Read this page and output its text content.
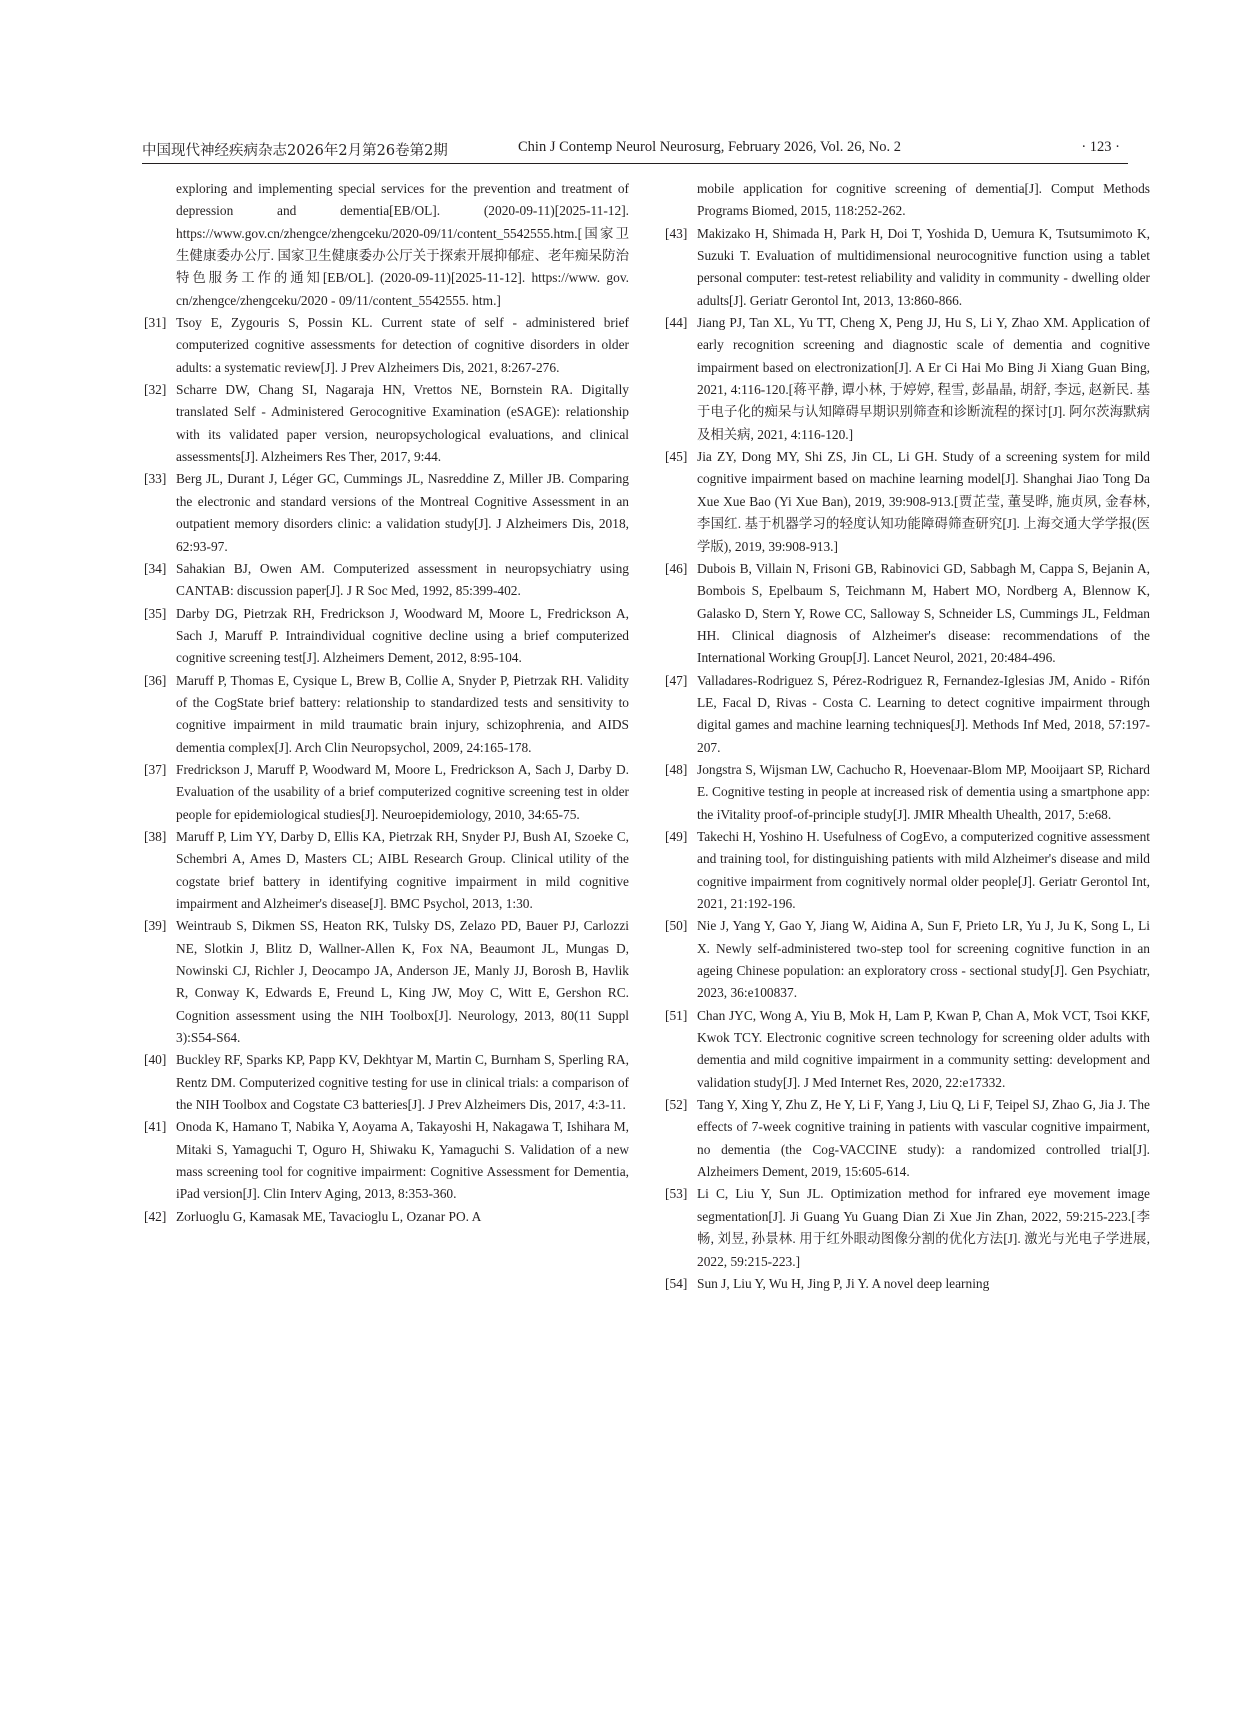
中国现代神经疾病杂志2026年2月第26卷第2期	Chin J Contemp Neurol Neurosurg, February 2026, Vol. 26, No. 2	· 123 ·
exploring and implementing special services for the prevention and treatment of depression and dementia[EB/OL]. (2020-09-11)[2025-11-12]. https://www.gov.cn/zhengce/zhengceku/2020-09/11/content_5542555.htm.[国家卫生健康委办公厅. 国家卫生健康委办公厅关于探索开展抑郁症、老年痴呆防治特色服务工作的通知[EB/OL]. (2020-09-11)[2025-11-12]. https://www. gov. cn/zhengce/zhengceku/2020 - 09/11/content_5542555. htm.]
[31] Tsoy E, Zygouris S, Possin KL. Current state of self - administered brief computerized cognitive assessments for detection of cognitive disorders in older adults: a systematic review[J]. J Prev Alzheimers Dis, 2021, 8:267-276.
[32] Scharre DW, Chang SI, Nagaraja HN, Vrettos NE, Bornstein RA. Digitally translated Self - Administered Gerocognitive Examination (eSAGE): relationship with its validated paper version, neuropsychological evaluations, and clinical assessments[J]. Alzheimers Res Ther, 2017, 9:44.
[33] Berg JL, Durant J, Léger GC, Cummings JL, Nasreddine Z, Miller JB. Comparing the electronic and standard versions of the Montreal Cognitive Assessment in an outpatient memory disorders clinic: a validation study[J]. J Alzheimers Dis, 2018, 62:93-97.
[34] Sahakian BJ, Owen AM. Computerized assessment in neuropsychiatry using CANTAB: discussion paper[J]. J R Soc Med, 1992, 85:399-402.
[35] Darby DG, Pietrzak RH, Fredrickson J, Woodward M, Moore L, Fredrickson A, Sach J, Maruff P. Intraindividual cognitive decline using a brief computerized cognitive screening test[J]. Alzheimers Dement, 2012, 8:95-104.
[36] Maruff P, Thomas E, Cysique L, Brew B, Collie A, Snyder P, Pietrzak RH. Validity of the CogState brief battery: relationship to standardized tests and sensitivity to cognitive impairment in mild traumatic brain injury, schizophrenia, and AIDS dementia complex[J]. Arch Clin Neuropsychol, 2009, 24:165-178.
[37] Fredrickson J, Maruff P, Woodward M, Moore L, Fredrickson A, Sach J, Darby D. Evaluation of the usability of a brief computerized cognitive screening test in older people for epidemiological studies[J]. Neuroepidemiology, 2010, 34:65-75.
[38] Maruff P, Lim YY, Darby D, Ellis KA, Pietrzak RH, Snyder PJ, Bush AI, Szoeke C, Schembri A, Ames D, Masters CL; AIBL Research Group. Clinical utility of the cogstate brief battery in identifying cognitive impairment in mild cognitive impairment and Alzheimer's disease[J]. BMC Psychol, 2013, 1:30.
[39] Weintraub S, Dikmen SS, Heaton RK, Tulsky DS, Zelazo PD, Bauer PJ, Carlozzi NE, Slotkin J, Blitz D, Wallner-Allen K, Fox NA, Beaumont JL, Mungas D, Nowinski CJ, Richler J, Deocampo JA, Anderson JE, Manly JJ, Borosh B, Havlik R, Conway K, Edwards E, Freund L, King JW, Moy C, Witt E, Gershon RC. Cognition assessment using the NIH Toolbox[J]. Neurology, 2013, 80(11 Suppl 3):S54-S64.
[40] Buckley RF, Sparks KP, Papp KV, Dekhtyar M, Martin C, Burnham S, Sperling RA, Rentz DM. Computerized cognitive testing for use in clinical trials: a comparison of the NIH Toolbox and Cogstate C3 batteries[J]. J Prev Alzheimers Dis, 2017, 4:3-11.
[41] Onoda K, Hamano T, Nabika Y, Aoyama A, Takayoshi H, Nakagawa T, Ishihara M, Mitaki S, Yamaguchi T, Oguro H, Shiwaku K, Yamaguchi S. Validation of a new mass screening tool for cognitive impairment: Cognitive Assessment for Dementia, iPad version[J]. Clin Interv Aging, 2013, 8:353-360.
[42] Zorluoglu G, Kamasak ME, Tavacioglu L, Ozanar PO. A
mobile application for cognitive screening of dementia[J]. Comput Methods Programs Biomed, 2015, 118:252-262.
[43] Makizako H, Shimada H, Park H, Doi T, Yoshida D, Uemura K, Tsutsumimoto K, Suzuki T. Evaluation of multidimensional neurocognitive function using a tablet personal computer: test-retest reliability and validity in community - dwelling older adults[J]. Geriatr Gerontol Int, 2013, 13:860-866.
[44] Jiang PJ, Tan XL, Yu TT, Cheng X, Peng JJ, Hu S, Li Y, Zhao XM. Application of early recognition screening and diagnostic scale of dementia and cognitive impairment based on electronization[J]. A Er Ci Hai Mo Bing Ji Xiang Guan Bing, 2021, 4:116-120.[蒋平静, 谭小林, 于婷婷, 程雪, 彭晶晶, 胡舒, 李远, 赵新民. 基于电子化的痴呆与认知障碍早期识别筛查和诊断流程的探讨[J]. 阿尔茨海默病及相关病, 2021, 4:116-120.]
[45] Jia ZY, Dong MY, Shi ZS, Jin CL, Li GH. Study of a screening system for mild cognitive impairment based on machine learning model[J]. Shanghai Jiao Tong Da Xue Xue Bao (Yi Xue Ban), 2019, 39:908-913.[贾芷莹, 董旻晔, 施贞夙, 金春林, 李国红. 基于机器学习的轻度认知功能障碍筛查研究[J]. 上海交通大学学报(医学版), 2019, 39:908-913.]
[46] Dubois B, Villain N, Frisoni GB, Rabinovici GD, Sabbagh M, Cappa S, Bejanin A, Bombois S, Epelbaum S, Teichmann M, Habert MO, Nordberg A, Blennow K, Galasko D, Stern Y, Rowe CC, Salloway S, Schneider LS, Cummings JL, Feldman HH. Clinical diagnosis of Alzheimer's disease: recommendations of the International Working Group[J]. Lancet Neurol, 2021, 20:484-496.
[47] Valladares-Rodriguez S, Pérez-Rodriguez R, Fernandez-Iglesias JM, Anido - Rifón LE, Facal D, Rivas - Costa C. Learning to detect cognitive impairment through digital games and machine learning techniques[J]. Methods Inf Med, 2018, 57:197-207.
[48] Jongstra S, Wijsman LW, Cachucho R, Hoevenaar-Blom MP, Mooijaart SP, Richard E. Cognitive testing in people at increased risk of dementia using a smartphone app: the iVitality proof-of-principle study[J]. JMIR Mhealth Uhealth, 2017, 5:e68.
[49] Takechi H, Yoshino H. Usefulness of CogEvo, a computerized cognitive assessment and training tool, for distinguishing patients with mild Alzheimer's disease and mild cognitive impairment from cognitively normal older people[J]. Geriatr Gerontol Int, 2021, 21:192-196.
[50] Nie J, Yang Y, Gao Y, Jiang W, Aidina A, Sun F, Prieto LR, Yu J, Ju K, Song L, Li X. Newly self-administered two-step tool for screening cognitive function in an ageing Chinese population: an exploratory cross - sectional study[J]. Gen Psychiatr, 2023, 36:e100837.
[51] Chan JYC, Wong A, Yiu B, Mok H, Lam P, Kwan P, Chan A, Mok VCT, Tsoi KKF, Kwok TCY. Electronic cognitive screen technology for screening older adults with dementia and mild cognitive impairment in a community setting: development and validation study[J]. J Med Internet Res, 2020, 22:e17332.
[52] Tang Y, Xing Y, Zhu Z, He Y, Li F, Yang J, Liu Q, Li F, Teipel SJ, Zhao G, Jia J. The effects of 7-week cognitive training in patients with vascular cognitive impairment, no dementia (the Cog-VACCINE study): a randomized controlled trial[J]. Alzheimers Dement, 2019, 15:605-614.
[53] Li C, Liu Y, Sun JL. Optimization method for infrared eye movement image segmentation[J]. Ji Guang Yu Guang Dian Zi Xue Jin Zhan, 2022, 59:215-223.[李畅, 刘昱, 孙景林. 用于红外眼动图像分割的优化方法[J]. 激光与光电子学进展, 2022, 59:215-223.]
[54] Sun J, Liu Y, Wu H, Jing P, Ji Y. A novel deep learning
